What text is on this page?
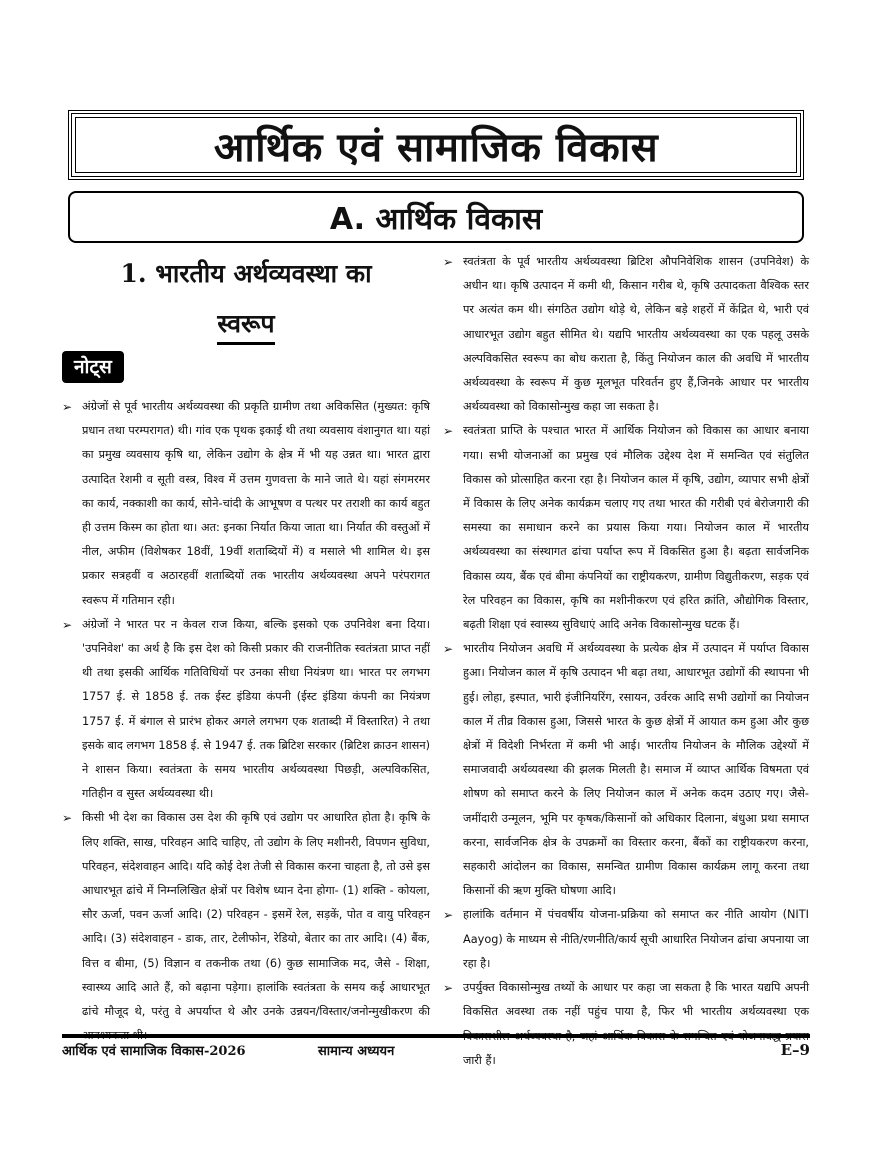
आर्थिक एवं सामाजिक विकास
A. आर्थिक विकास
1. भारतीय अर्थव्यवस्था का
स्वरूप
नोट्स
➢ अंग्रेजों से पूर्व भारतीय अर्थव्यवस्था की प्रकृति ग्रामीण तथा अविकसित (मुख्यत: कृषि प्रधान तथा परम्परागत) थी। गांव एक पृथक इकाई थी तथा व्यवसाय वंशानुगत था। यहां का प्रमुख व्यवसाय कृषि था, लेकिन उद्योग के क्षेत्र में भी यह उन्नत था। भारत द्वारा उत्पादित रेशमी व सूती वस्त्र, विश्व में उत्तम गुणवत्ता के माने जाते थे। यहां संगमरमर का कार्य, नक्काशी का कार्य, सोने-चांदी के आभूषण व पत्थर पर तराशी का कार्य बहुत ही उत्तम किस्म का होता था। अत: इनका निर्यात किया जाता था। निर्यात की वस्तुओं में नील, अफीम (विशेषकर 18वीं, 19वीं शताब्दियों में) व मसाले भी शामिल थे। इस प्रकार सत्रहवीं व अठारहवीं शताब्दियों तक भारतीय अर्थव्यवस्था अपने परंपरागत स्वरूप में गतिमान रही।
➢ अंग्रेजों ने भारत पर न केवल राज किया, बल्कि इसको एक उपनिवेश बना दिया। 'उपनिवेश' का अर्थ है कि इस देश को किसी प्रकार की राजनीतिक स्वतंत्रता प्राप्त नहीं थी तथा इसकी आर्थिक गतिविधियों पर उनका सीधा नियंत्रण था। भारत पर लगभग 1757 ई. से 1858 ई. तक ईस्ट इंडिया कंपनी (ईस्ट इंडिया कंपनी का नियंत्रण 1757 ई. में बंगाल से प्रारंभ होकर अगले लगभग एक शताब्दी में विस्तारित) ने तथा इसके बाद लगभग 1858 ई. से 1947 ई. तक ब्रिटिश सरकार (ब्रिटिश क्राउन शासन) ने शासन किया। स्वतंत्रता के समय भारतीय अर्थव्यवस्था पिछड़ी, अल्पविकसित, गतिहीन व सुस्त अर्थव्यवस्था थी।
➢ किसी भी देश का विकास उस देश की कृषि एवं उद्योग पर आधारित होता है। कृषि के लिए शक्ति, साख, परिवहन आदि चाहिए, तो उद्योग के लिए मशीनरी, विपणन सुविधा, परिवहन, संदेशवाहन आदि। यदि कोई देश तेजी से विकास करना चाहता है, तो उसे इस आधारभूत ढांचे में निम्नलिखित क्षेत्रों पर विशेष ध्यान देना होगा- (1) शक्ति - कोयला, सौर ऊर्जा, पवन ऊर्जा आदि। (2) परिवहन - इसमें रेल, सड़कें, पोत व वायु परिवहन आदि। (3) संदेशवाहन - डाक, तार, टेलीफोन, रेडियो, बेतार का तार आदि। (4) बैंक, वित्त व बीमा, (5) विज्ञान व तकनीक तथा (6) कुछ सामाजिक मद, जैसे - शिक्षा, स्वास्थ्य आदि आते हैं, को बढ़ाना पड़ेगा। हालांकि स्वतंत्रता के समय कई आधारभूत ढांचे मौजूद थे, परंतु वे अपर्याप्त थे और उनके उन्नयन/विस्तार/जनोन्मुखीकरण की
➢ स्वतंत्रता के पूर्व भारतीय अर्थव्यवस्था ब्रिटिश औपनिवेशिक शासन (उपनिवेश) के अधीन था। कृषि उत्पादन में कमी थी, किसान गरीब थे, कृषि उत्पादकता वैश्विक स्तर पर अत्यंत कम थी। संगठित उद्योग थोड़े थे, लेकिन बड़े शहरों में केंद्रित थे, भारी एवं आधारभूत उद्योग बहुत सीमित थे। यद्यपि भारतीय अर्थव्यवस्था का एक पहलू उसके अल्पविकसित स्वरूप का बोध कराता है, किंतु नियोजन काल की अवधि में भारतीय अर्थव्यवस्था के स्वरूप में कुछ मूलभूत परिवर्तन हुए हैं,जिनके आधार पर भारतीय अर्थव्यवस्था को विकासोन्मुख कहा जा सकता है।
➢ स्वतंत्रता प्राप्ति के पश्चात भारत में आर्थिक नियोजन को विकास का आधार बनाया गया। सभी योजनाओं का प्रमुख एवं मौलिक उद्देश्य देश में समन्वित एवं संतुलित विकास को प्रोत्साहित करना रहा है। नियोजन काल में कृषि, उद्योग, व्यापार सभी क्षेत्रों में विकास के लिए अनेक कार्यक्रम चलाए गए तथा भारत की गरीबी एवं बेरोजगारी की समस्या का समाधान करने का प्रयास किया गया। नियोजन काल में भारतीय अर्थव्यवस्था का संस्थागत ढांचा पर्याप्त रूप में विकसित हुआ है। बढ़ता सार्वजनिक विकास व्यय, बैंक एवं बीमा कंपनियों का राष्ट्रीयकरण, ग्रामीण विद्युतीकरण, सड़क एवं रेल परिवहन का विकास, कृषि का मशीनीकरण एवं हरित क्रांति, औद्योगिक विस्तार, बढ़ती शिक्षा एवं स्वास्थ्य सुविधाएं आदि अनेक विकासोन्मुख घटक हैं।
➢ भारतीय नियोजन अवधि में अर्थव्यवस्था के प्रत्येक क्षेत्र में उत्पादन में पर्याप्त विकास हुआ। नियोजन काल में कृषि उत्पादन भी बढ़ा तथा, आधारभूत उद्योगों की स्थापना भी हुई। लोहा, इस्पात, भारी इंजीनियरिंग, रसायन, उर्वरक आदि सभी उद्योगों का नियोजन काल में तीव्र विकास हुआ, जिससे भारत के कुछ क्षेत्रों में आयात कम हुआ और कुछ क्षेत्रों में विदेशी निर्भरता में कमी भी आई। भारतीय नियोजन के मौलिक उद्देश्यों में समाजवादी अर्थव्यवस्था की झलक मिलती है। समाज में व्याप्त आर्थिक विषमता एवं शोषण को समाप्त करने के लिए नियोजन काल में अनेक कदम उठाए गए। जैसे- जमींदारी उन्मूलन, भूमि पर कृषक/किसानों को अधिकार दिलाना, बंधुआ प्रथा समाप्त करना, सार्वजनिक क्षेत्र के उपक्रमों का विस्तार करना, बैंकों का राष्ट्रीयकरण करना, सहकारी आंदोलन का विकास, समन्वित ग्रामीण विकास कार्यक्रम लागू करना तथा किसानों की ऋण मुक्ति घोषणा आदि।
➢ हालांकि वर्तमान में पंचवर्षीय योजना-प्रक्रिया को समाप्त कर नीति आयोग (NITI Aayog) के माध्यम से नीति/रणनीति/कार्य सूची आधारित नियोजन ढांचा अपनाया जा रहा है।
➢ उपर्युक्त विकासोन्मुख तथ्यों के आधार पर कहा जा सकता है कि भारत यद्यपि अपनी विकसित अवस्था तक नहीं पहुंच पाया है, फिर भी भारतीय अर्थव्यवस्था एक जारी हैं।
आर्थिक एवं सामाजिक विकास-2026	सामान्य अध्ययन	E–9
